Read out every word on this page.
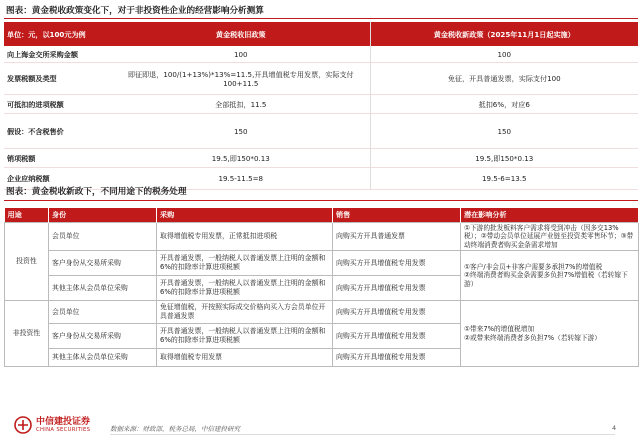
图表：黄金税收政策变化下，对于非投资性企业的经营影响分析测算
单位：元，以100元为例	黄金税收旧政策	黄金税收新政策（2025年11月1日起实施）
向上海金交所采购金额	100	100
发票税额及类型	即征即退，100/(1+13%)*13%=11.5,开具增值税专用发票，实际支付100+11.5	免征，开具普通发票，实际支付100
可抵扣的进项税额	全部抵扣，11.5	抵扣6%，对应6
假设：不含税售价	150	150
销项税额	19.5,即150*0.13	19.5,即150*0.13
企业应纳税额	19.5-11.5=8	19.5-6=13.5
图表：黄金税收新政下，不同用途下的税务处理
用途	身份	采购	销售	潜在影响分析
投资性	会员单位	取得增值税专用发票，正常抵扣进项税	向购买方开具普通发票	①下游的批发板料客户需求将受到冲击（因多交13%税）；②带动会员单位延展产业链至投资类零售环节；③带动终端消费者购买金条需求增加
	客户身份从交易所采购	开具普通发票，一般纳税人以普通发票上注明的金额和6%的扣除率计算进项税额	向购买方开具增值税专用发票	①客户/非会员+非客户需要多承担7%的增值税
②终端消费者购买金条需要多负担7%增值税（若转嫁下游）
	其他主体从会员单位采购	开具普通发票，一般纳税人以普通发票上注明的金额和6%的扣除率计算进项税额	向购买方开具增值税专用发票	
非投资性	会员单位	免征增值税，开按照实际成交价格向买入方会员单位开具普通发票	向购买方开具增值税专用发票	①带来7%的增值税增加
②或带来终端消费者多负担7%（若转嫁下游）
	客户身份从交易所采购	开具普通发票，一般纳税人以普通发票上注明的金额和6%的扣除率计算进项税额	向购买方开具增值税专用发票	
	其他主体从会员单位采购	取得增值税专用发票	向购买方开具增值税专用发票	
中信建投证券
CHINA SECURITIES	数据来源：财政部，税务总局，中信建投研究	4
